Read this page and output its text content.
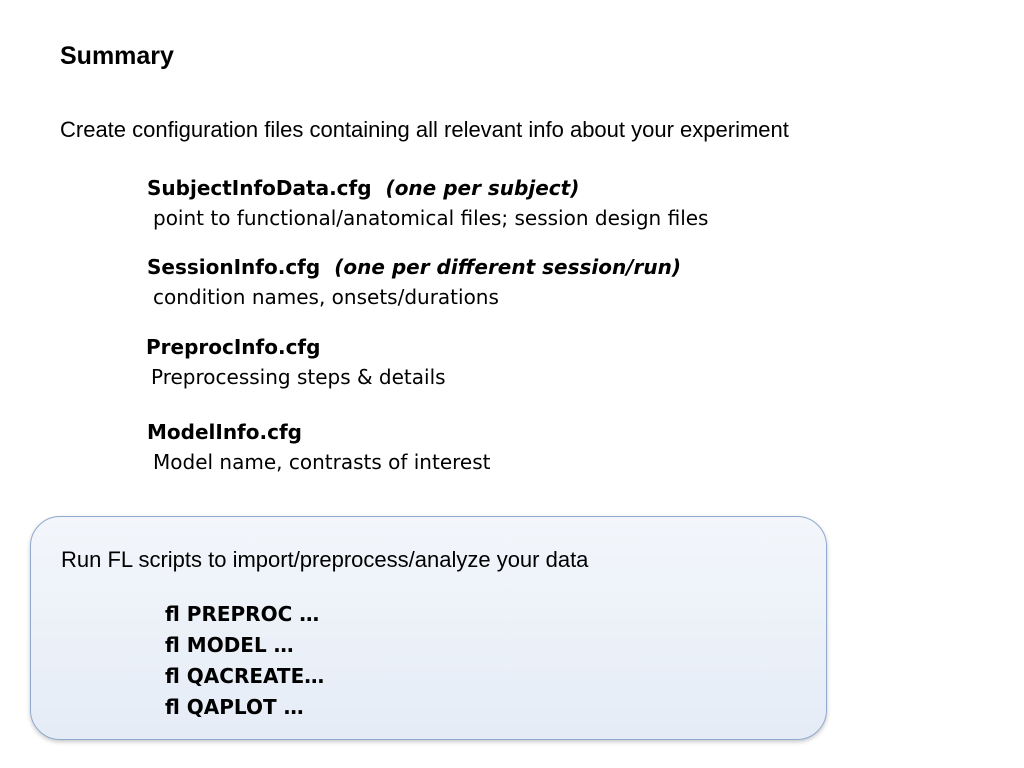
Summary

Create configuration files containing all relevant info about your experiment

SubjectInfoData.cfg (one per subject)
point to functional/anatomical files; session design files
SessionInfo.cfg (one per different session/run)
condition names, onsets/durations
PreprocInfo.cfg
Preprocessing steps & details
ModelInfo.cfg
Model name, contrasts of interest

Run FL scripts to import/preprocess/analyze your data

fl PREPROC …
fl MODEL …
fl QACREATE…
fl QAPLOT …
